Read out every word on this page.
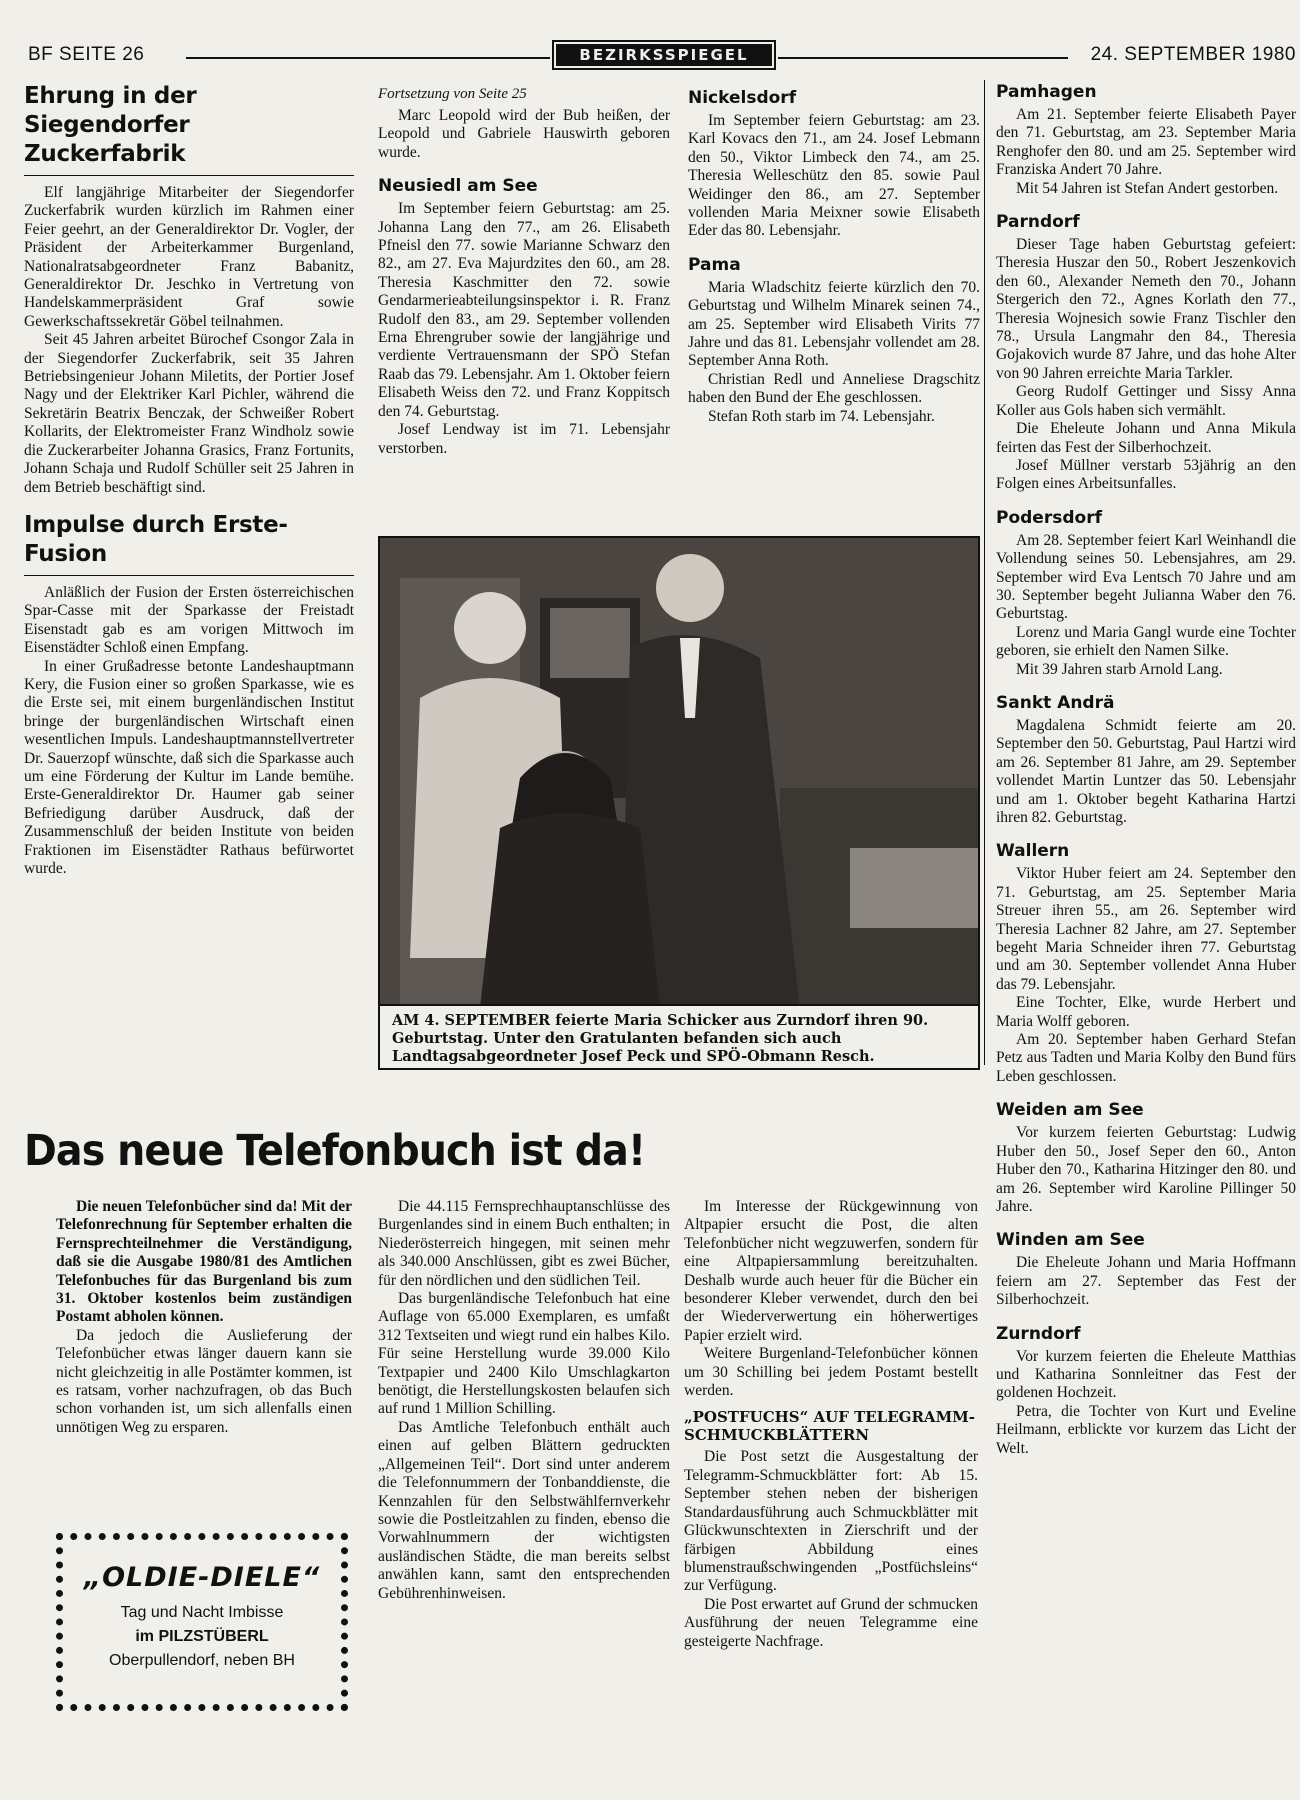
BF SEITE 26	BEZIRKSSPIEGEL	24. SEPTEMBER 1980
Ehrung in der Siegendorfer Zuckerfabrik

Elf langjährige Mitarbeiter der Siegendorfer Zuckerfabrik wurden kürzlich im Rahmen einer Feier geehrt, an der Generaldirektor Dr. Vogler, der Präsident der Arbeiterkammer Burgenland, Nationalratsabgeordneter Franz Babanitz, Generaldirektor Dr. Jeschko in Vertretung von Handelskammerpräsident Graf sowie Gewerkschaftssekretär Göbel teilnahmen.

Seit 45 Jahren arbeitet Bürochef Csongor Zala in der Siegendorfer Zuckerfabrik, seit 35 Jahren Betriebsingenieur Johann Miletits, der Portier Josef Nagy und der Elektriker Karl Pichler, während die Sekretärin Beatrix Benczak, der Schweißer Robert Kollarits, der Elektromeister Franz Windholz sowie die Zuckerarbeiter Johanna Grasics, Franz Fortunits, Johann Schaja und Rudolf Schüller seit 25 Jahren in dem Betrieb beschäftigt sind.

Impulse durch Erste-Fusion

Anläßlich der Fusion der Ersten österreichischen Spar-Casse mit der Sparkasse der Freistadt Eisenstadt gab es am vorigen Mittwoch im Eisenstädter Schloß einen Empfang.

In einer Grußadresse betonte Landeshauptmann Kery, die Fusion einer so großen Sparkasse, wie es die Erste sei, mit einem burgenländischen Institut bringe der burgenländischen Wirtschaft einen wesentlichen Impuls. Landeshauptmannstellvertreter Dr. Sauerzopf wünschte, daß sich die Sparkasse auch um eine Förderung der Kultur im Lande bemühe. Erste-Generaldirektor Dr. Haumer gab seiner Befriedigung darüber Ausdruck, daß der Zusammenschluß der beiden Institute von beiden Fraktionen im Eisenstädter Rathaus befürwortet wurde.

Fortsetzung von Seite 25

Marc Leopold wird der Bub heißen, der Leopold und Gabriele Hauswirth geboren wurde.

Neusiedl am See

Im September feiern Geburtstag: am 25. Johanna Lang den 77., am 26. Elisabeth Pfneisl den 77. sowie Marianne Schwarz den 82., am 27. Eva Majurdzites den 60., am 28. Theresia Kaschmitter den 72. sowie Gendarmerieabteilungsinspektor i. R. Franz Rudolf den 83., am 29. September vollenden Erna Ehrengruber sowie der langjährige und verdiente Vertrauensmann der SPÖ Stefan Raab das 79. Lebensjahr. Am 1. Oktober feiern Elisabeth Weiss den 72. und Franz Koppitsch den 74. Geburtstag.

Josef Lendway ist im 71. Lebensjahr verstorben.

Nickelsdorf

Im September feiern Geburtstag: am 23. Karl Kovacs den 71., am 24. Josef Lebmann den 50., Viktor Limbeck den 74., am 25. Theresia Welleschütz den 85. sowie Paul Weidinger den 86., am 27. September vollenden Maria Meixner sowie Elisabeth Eder das 80. Lebensjahr.

Pama

Maria Wladschitz feierte kürzlich den 70. Geburtstag und Wilhelm Minarek seinen 74., am 25. September wird Elisabeth Virits 77 Jahre und das 81. Lebensjahr vollendet am 28. September Anna Roth.

Christian Redl und Anneliese Dragschitz haben den Bund der Ehe geschlossen.

Stefan Roth starb im 74. Lebensjahr.

AM 4. SEPTEMBER feierte Maria Schicker aus Zurndorf ihren 90. Geburtstag. Unter den Gratulanten befanden sich auch Landtagsabgeordneter Josef Peck und SPÖ-Obmann Resch.
Pamhagen

Am 21. September feierte Elisabeth Payer den 71. Geburtstag, am 23. September Maria Renghofer den 80. und am 25. September wird Franziska Andert 70 Jahre.

Mit 54 Jahren ist Stefan Andert gestorben.

Parndorf

Dieser Tage haben Geburtstag gefeiert: Theresia Huszar den 50., Robert Jeszenkovich den 60., Alexander Nemeth den 70., Johann Stergerich den 72., Agnes Korlath den 77., Theresia Wojnesich sowie Franz Tischler den 78., Ursula Langmahr den 84., Theresia Gojakovich wurde 87 Jahre, und das hohe Alter von 90 Jahren erreichte Maria Tarkler.

Georg Rudolf Gettinger und Sissy Anna Koller aus Gols haben sich vermählt.

Die Eheleute Johann und Anna Mikula feirten das Fest der Silberhochzeit.

Josef Müllner verstarb 53jährig an den Folgen eines Arbeitsunfalles.

Podersdorf

Am 28. September feiert Karl Weinhandl die Vollendung seines 50. Lebensjahres, am 29. September wird Eva Lentsch 70 Jahre und am 30. September begeht Julianna Waber den 76. Geburtstag.

Lorenz und Maria Gangl wurde eine Tochter geboren, sie erhielt den Namen Silke.

Mit 39 Jahren starb Arnold Lang.

Sankt Andrä

Magdalena Schmidt feierte am 20. September den 50. Geburtstag, Paul Hartzi wird am 26. September 81 Jahre, am 29. September vollendet Martin Luntzer das 50. Lebensjahr und am 1. Oktober begeht Katharina Hartzi ihren 82. Geburtstag.

Wallern

Viktor Huber feiert am 24. September den 71. Geburtstag, am 25. September Maria Streuer ihren 55., am 26. September wird Theresia Lachner 82 Jahre, am 27. September begeht Maria Schneider ihren 77. Geburtstag und am 30. September vollendet Anna Huber das 79. Lebensjahr.

Eine Tochter, Elke, wurde Herbert und Maria Wolff geboren.

Am 20. September haben Gerhard Stefan Petz aus Tadten und Maria Kolby den Bund fürs Leben geschlossen.

Weiden am See

Vor kurzem feierten Geburtstag: Ludwig Huber den 50., Josef Seper den 60., Anton Huber den 70., Katharina Hitzinger den 80. und am 26. September wird Karoline Pillinger 50 Jahre.

Winden am See

Die Eheleute Johann und Maria Hoffmann feiern am 27. September das Fest der Silberhochzeit.

Zurndorf

Vor kurzem feierten die Eheleute Matthias und Katharina Sonnleitner das Fest der goldenen Hochzeit.

Petra, die Tochter von Kurt und Eveline Heilmann, erblickte vor kurzem das Licht der Welt.

Das neue Telefonbuch ist da!

Die neuen Telefonbücher sind da! Mit der Telefonrechnung für September erhalten die Fernsprechteilnehmer die Verständigung, daß sie die Ausgabe 1980/81 des Amtlichen Telefonbuches für das Burgenland bis zum 31. Oktober kostenlos beim zuständigen Postamt abholen können.

Da jedoch die Auslieferung der Telefonbücher etwas länger dauern kann sie nicht gleichzeitig in alle Postämter kommen, ist es ratsam, vorher nachzufragen, ob das Buch schon vorhanden ist, um sich allenfalls einen unnötigen Weg zu ersparen.

Die 44.115 Fernsprechhauptanschlüsse des Burgenlandes sind in einem Buch enthalten; in Niederösterreich hingegen, mit seinen mehr als 340.000 Anschlüssen, gibt es zwei Bücher, für den nördlichen und den südlichen Teil.

Das burgenländische Telefonbuch hat eine Auflage von 65.000 Exemplaren, es umfaßt 312 Textseiten und wiegt rund ein halbes Kilo. Für seine Herstellung wurde 39.000 Kilo Textpapier und 2400 Kilo Umschlagkarton benötigt, die Herstellungskosten belaufen sich auf rund 1 Million Schilling.

Das Amtliche Telefonbuch enthält auch einen auf gelben Blättern gedruckten „Allgemeinen Teil“. Dort sind unter anderem die Telefonnummern der Tonbanddienste, die Kennzahlen für den Selbstwählfernverkehr sowie die Postleitzahlen zu finden, ebenso die Vorwahlnummern der wichtigsten ausländischen Städte, die man bereits selbst anwählen kann, samt den entsprechenden Gebührenhinweisen.

Im Interesse der Rückgewinnung von Altpapier ersucht die Post, die alten Telefonbücher nicht wegzuwerfen, sondern für eine Altpapiersammlung bereitzuhalten. Deshalb wurde auch heuer für die Bücher ein besonderer Kleber verwendet, durch den bei der Wiederverwertung ein höherwertiges Papier erzielt wird.

Weitere Burgenland-Telefonbücher können um 30 Schilling bei jedem Postamt bestellt werden.

„POSTFUCHS“ AUF TELEGRAMM-SCHMUCKBLÄTTERN

Die Post setzt die Ausgestaltung der Telegramm-Schmuckblätter fort: Ab 15. September stehen neben der bisherigen Standardausführung auch Schmuckblätter mit Glückwunschtexten in Zierschrift und der färbigen Abbildung eines blumenstraußschwingenden „Postfüchsleins“ zur Verfügung.

Die Post erwartet auf Grund der schmucken Ausführung der neuen Telegramme eine gesteigerte Nachfrage.

„OLDIE-DIELE“
Tag und Nacht Imbisse
im PILZSTÜBERL
Oberpullendorf, neben BH
